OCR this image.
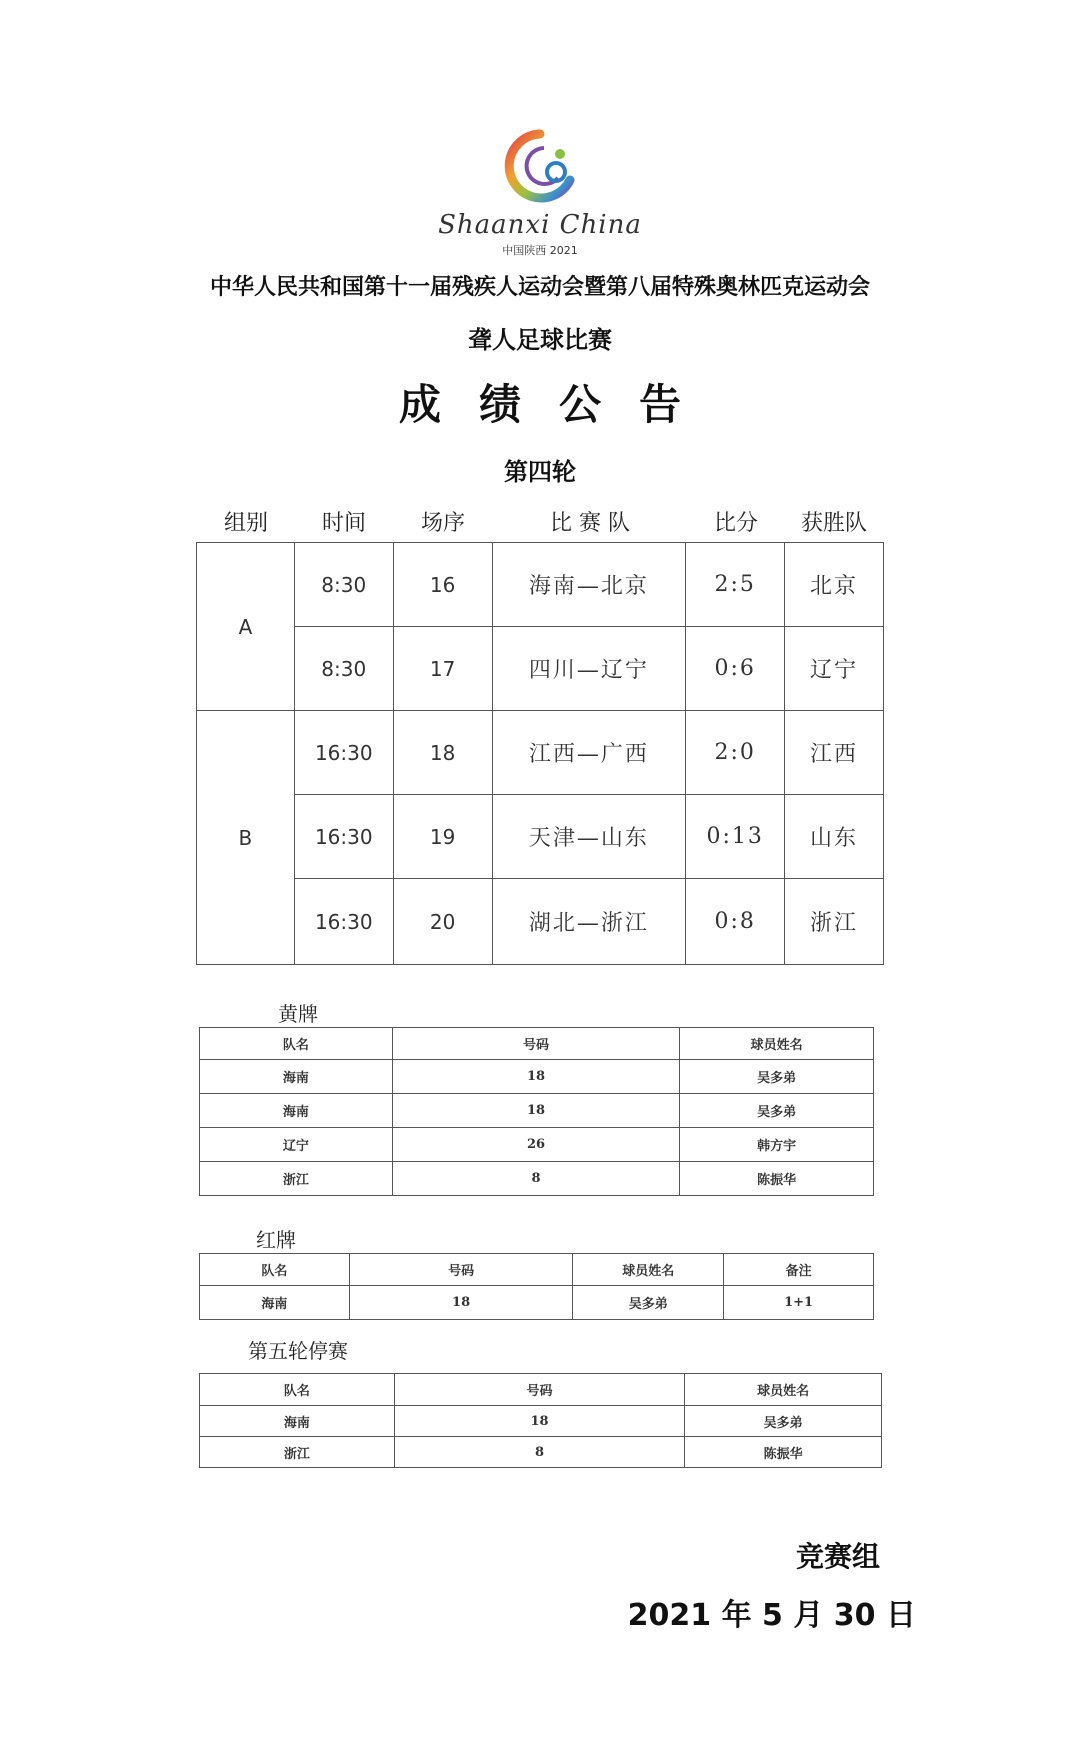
Shaanxi China
中国陕西 2021
中华人民共和国第十一届残疾人运动会暨第八届特殊奥林匹克运动会
聋人足球比赛
成绩公告
第四轮
组别	时间	场序	比 赛 队	比分	获胜队
A	8:30	16	海南—北京	2:5	北京
	8:30	17	四川—辽宁	0:6	辽宁
B	16:30	18	江西—广西	2:0	江西
	16:30	19	天津—山东	0:13	山东
	16:30	20	湖北—浙江	0:8	浙江
黄牌
队名	号码	球员姓名
海南	18	吴多弟
海南	18	吴多弟
辽宁	26	韩方宇
浙江	8	陈振华
红牌
队名	号码	球员姓名	备注
海南	18	吴多弟	1+1
第五轮停赛
队名	号码	球员姓名
海南	18	吴多弟
浙江	8	陈振华
竞赛组
2021 年 5 月 30 日
